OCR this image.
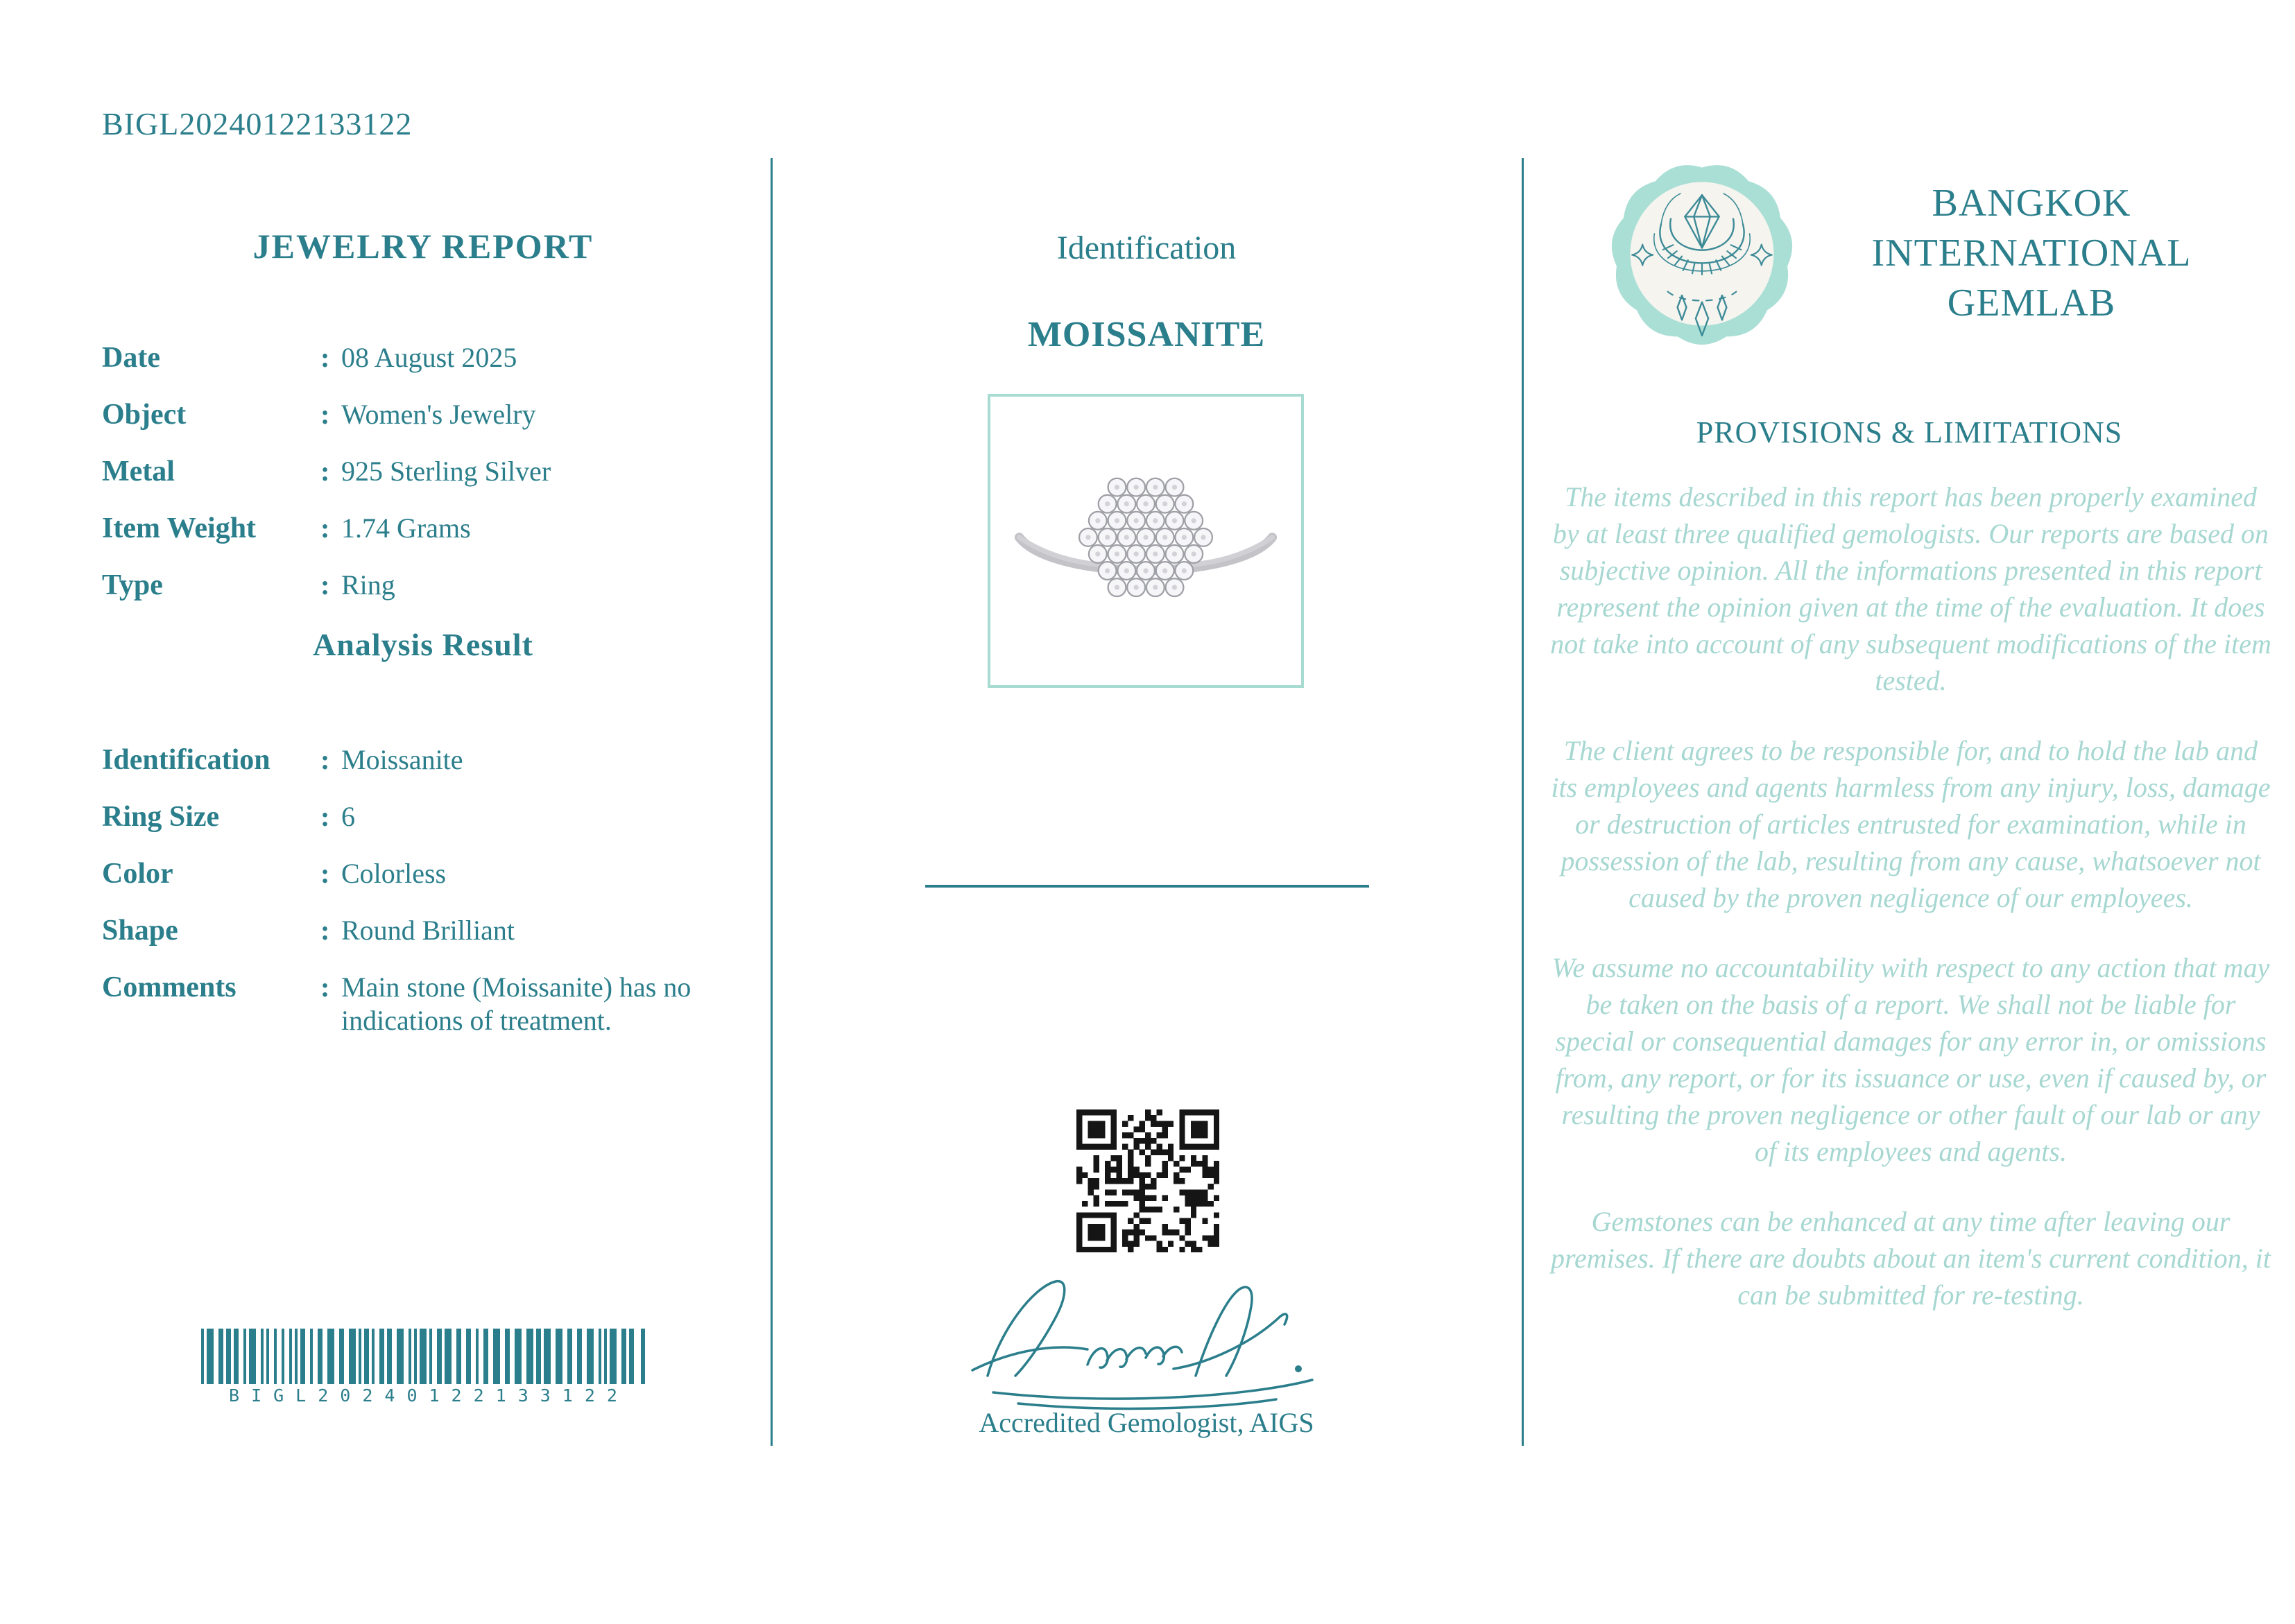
BIGL20240122133122
JEWELRY REPORT
Date	: 08 August 2025
Object	: Women's Jewelry
Metal	: 925 Sterling Silver
Item Weight	: 1.74 Grams
Type	: Ring
Analysis Result
Identification	: Moissanite
Ring Size	: 6
Color	: Colorless
Shape	: Round Brilliant
Comments	: Main stone (Moissanite) has no indications of treatment.
BIGL20240122133122
Identification
MOISSANITE
Accredited Gemologist, AIGS
BANGKOK
INTERNATIONAL
GEMLAB
PROVISIONS & LIMITATIONS

The items described in this report has been properly examined by at least three qualified gemologists. Our reports are based on subjective opinion. All the informations presented in this report represent the opinion given at the time of the evaluation. It does not take into account of any subsequent modifications of the item tested.

The client agrees to be responsible for, and to hold the lab and its employees and agents harmless from any injury, loss, damage or destruction of articles entrusted for examination, while in possession of the lab, resulting from any cause, whatsoever not caused by the proven negligence of our employees.

We assume no accountability with respect to any action that may be taken on the basis of a report. We shall not be liable for special or consequential damages for any error in, or omissions from, any report, or for its issuance or use, even if caused by, or resulting the proven negligence or other fault of our lab or any of its employees and agents.

Gemstones can be enhanced at any time after leaving our premises. If there are doubts about an item's current condition, it can be submitted for re-testing.
